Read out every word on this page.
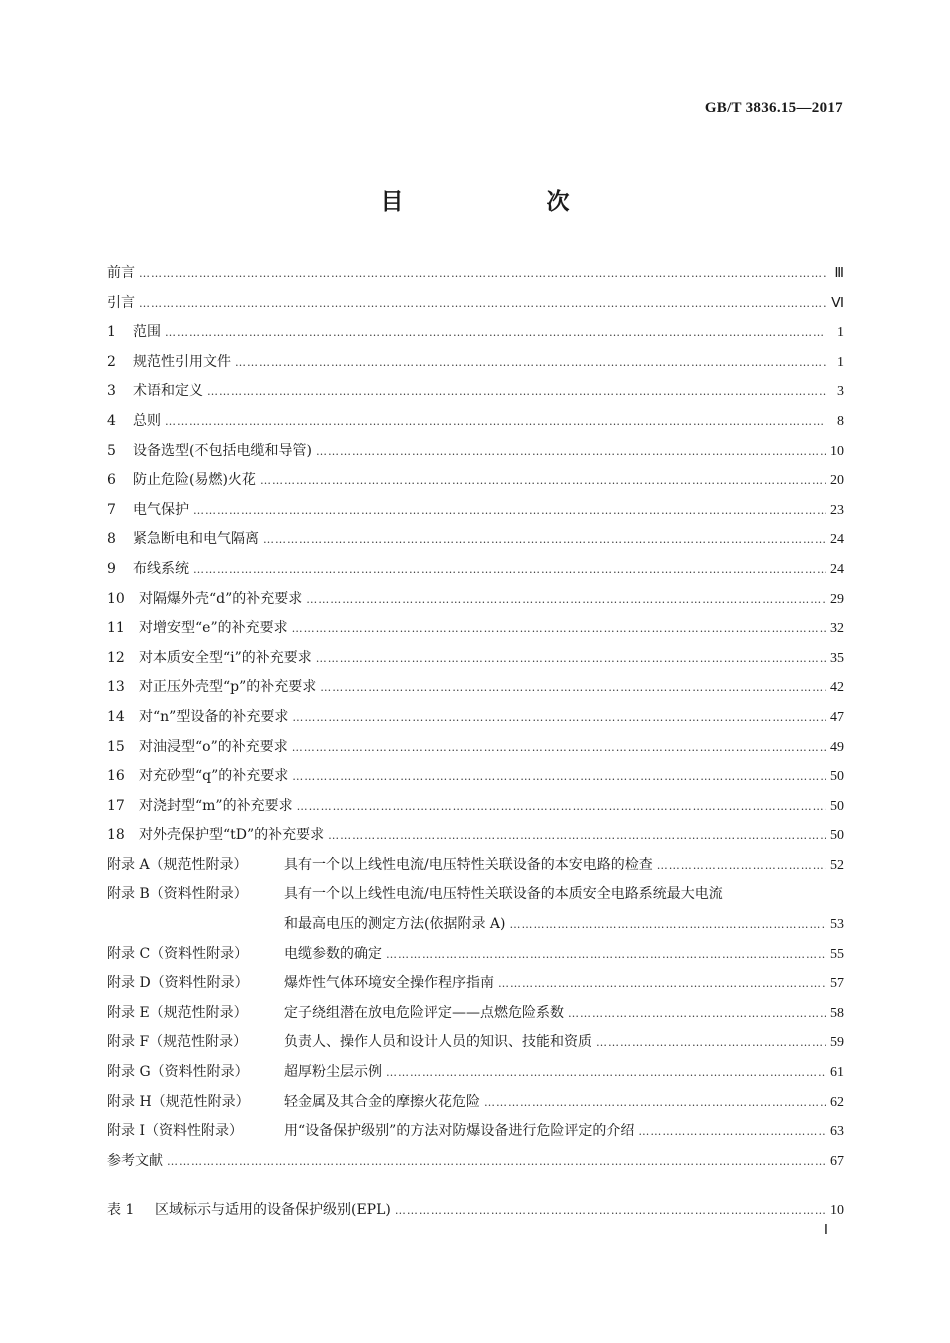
GB/T 3836.15—2017
目　次
前言 …………………………………………………………………………………………………………………………………………………………………………………………………	Ⅲ
引言 …………………………………………………………………………………………………………………………………………………………………………………………………	Ⅵ
1	范围 …………………………………………………………………………………………………………………………………………………………………………………………………	1
2	规范性引用文件 …………………………………………………………………………………………………………………………………………………………………………………………………	1
3	术语和定义 …………………………………………………………………………………………………………………………………………………………………………………………………	3
4	总则 …………………………………………………………………………………………………………………………………………………………………………………………………	8
5	设备选型(不包括电缆和导管) …………………………………………………………………………………………………………………………………………………………………………………………………	10
6	防止危险(易燃)火花 …………………………………………………………………………………………………………………………………………………………………………………………………	20
7	电气保护 …………………………………………………………………………………………………………………………………………………………………………………………………	23
8	紧急断电和电气隔离 …………………………………………………………………………………………………………………………………………………………………………………………………	24
9	布线系统 …………………………………………………………………………………………………………………………………………………………………………………………………	24
10	对隔爆外壳“d”的补充要求 …………………………………………………………………………………………………………………………………………………………………………………………………	29
11	对增安型“e”的补充要求 …………………………………………………………………………………………………………………………………………………………………………………………………	32
12	对本质安全型“i”的补充要求 …………………………………………………………………………………………………………………………………………………………………………………………………	35
13	对正压外壳型“p”的补充要求 …………………………………………………………………………………………………………………………………………………………………………………………………	42
14	对“n”型设备的补充要求 …………………………………………………………………………………………………………………………………………………………………………………………………	47
15	对油浸型“o”的补充要求 …………………………………………………………………………………………………………………………………………………………………………………………………	49
16	对充砂型“q”的补充要求 …………………………………………………………………………………………………………………………………………………………………………………………………	50
17	对浇封型“m”的补充要求 …………………………………………………………………………………………………………………………………………………………………………………………………	50
18	对外壳保护型“tD”的补充要求 …………………………………………………………………………………………………………………………………………………………………………………………………	50
附录 A（规范性附录）	具有一个以上线性电流/电压特性关联设备的本安电路的检查 …………………………………………………………………………………………………………………………………………………………………………………………………	52
附录 B（资料性附录）	具有一个以上线性电流/电压特性关联设备的本质安全电路系统最大电流
和最高电压的测定方法(依据附录 A) …………………………………………………………………………………………………………………………………………………………………………………………………	53
附录 C（资料性附录）	电缆参数的确定 …………………………………………………………………………………………………………………………………………………………………………………………………	55
附录 D（资料性附录）	爆炸性气体环境安全操作程序指南 …………………………………………………………………………………………………………………………………………………………………………………………………	57
附录 E（规范性附录）	定子绕组潜在放电危险评定——点燃危险系数 …………………………………………………………………………………………………………………………………………………………………………………………………	58
附录 F（规范性附录）	负责人、操作人员和设计人员的知识、技能和资质 …………………………………………………………………………………………………………………………………………………………………………………………………	59
附录 G（资料性附录）	超厚粉尘层示例 …………………………………………………………………………………………………………………………………………………………………………………………………	61
附录 H（规范性附录）	轻金属及其合金的摩擦火花危险 …………………………………………………………………………………………………………………………………………………………………………………………………	62
附录 I（资料性附录）	用“设备保护级别”的方法对防爆设备进行危险评定的介绍 …………………………………………………………………………………………………………………………………………………………………………………………………	63
参考文献 …………………………………………………………………………………………………………………………………………………………………………………………………	67
表 1	区域标示与适用的设备保护级别(EPL) …………………………………………………………………………………………………………………………………………………………………………………………………	10
Ⅰ
